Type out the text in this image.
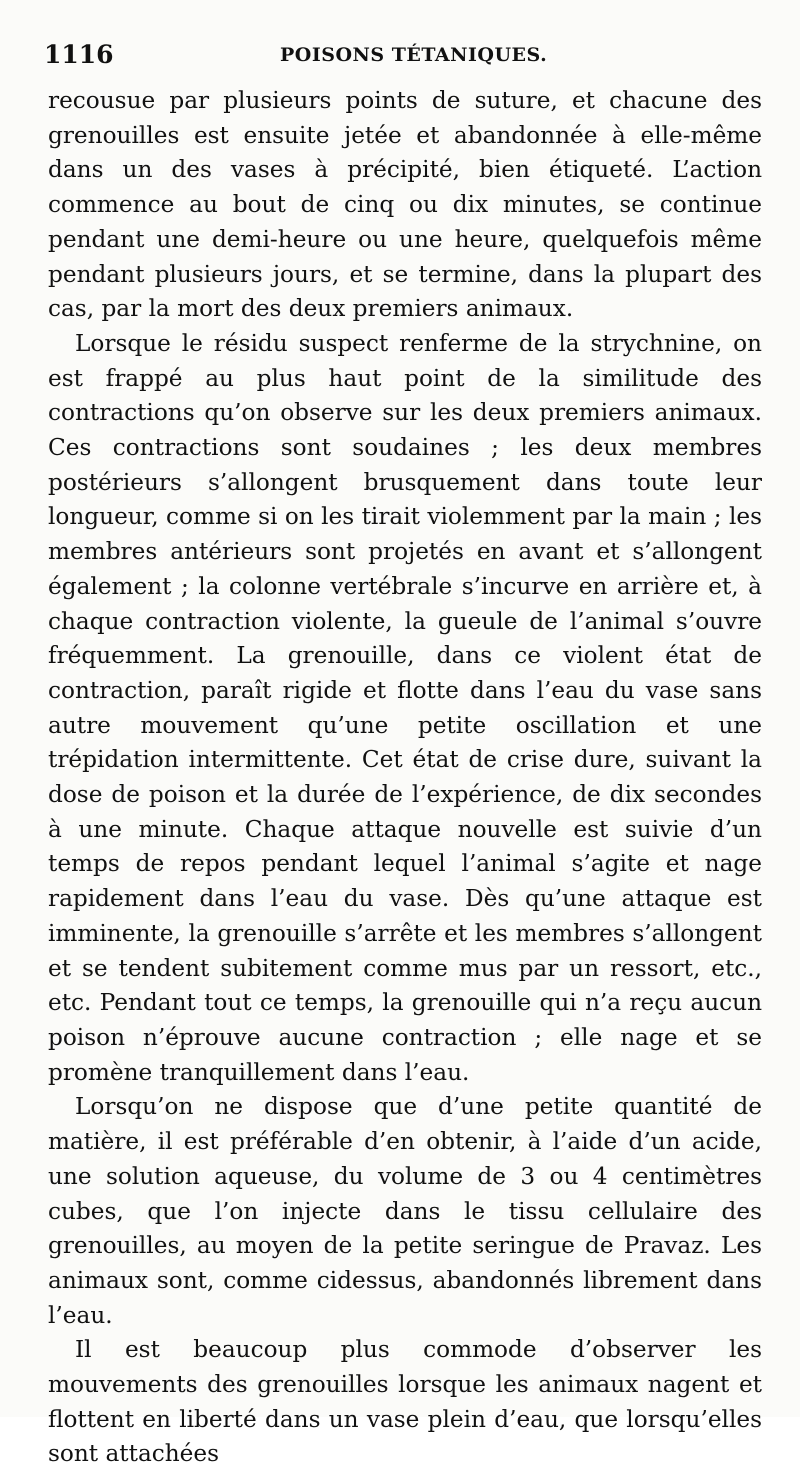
1116	POISONS TÉTANIQUES.

recousue par plusieurs points de suture, et chacune des grenouilles est ensuite jetée et abandonnée à elle-même dans un des vases à précipité, bien étiqueté. L’action commence au bout de cinq ou dix minutes, se continue pendant une demi-heure ou une heure, quelquefois même pendant plusieurs jours, et se termine, dans la plupart des cas, par la mort des deux premiers animaux.

Lorsque le résidu suspect renferme de la strychnine, on est frappé au plus haut point de la similitude des contractions qu’on observe sur les deux premiers animaux. Ces contractions sont soudaines ; les deux membres postérieurs s’allongent brusquement dans toute leur longueur, comme si on les tirait violemment par la main ; les membres antérieurs sont projetés en avant et s’allongent également ; la colonne vertébrale s’incurve en arrière et, à chaque contraction violente, la gueule de l’animal s’ouvre fréquemment. La grenouille, dans ce violent état de contraction, paraît rigide et flotte dans l’eau du vase sans autre mouvement qu’une petite oscillation et une trépidation intermittente. Cet état de crise dure, suivant la dose de poison et la durée de l’expérience, de dix secondes à une minute. Chaque attaque nouvelle est suivie d’un temps de repos pendant lequel l’animal s’agite et nage rapidement dans l’eau du vase. Dès qu’une attaque est imminente, la grenouille s’arrête et les membres s’allongent et se tendent subitement comme mus par un ressort, etc., etc. Pendant tout ce temps, la grenouille qui n’a reçu aucun poison n’éprouve aucune contraction ; elle nage et se promène tranquillement dans l’eau.

Lorsqu’on ne dispose que d’une petite quantité de matière, il est préférable d’en obtenir, à l’aide d’un acide, une solution aqueuse, du volume de 3 ou 4 centimètres cubes, que l’on injecte dans le tissu cellulaire des grenouilles, au moyen de la petite seringue de Pravaz. Les animaux sont, comme cidessus, abandonnés librement dans l’eau.

Il est beaucoup plus commode d’observer les mouvements des grenouilles lorsque les animaux nagent et flottent en liberté dans un vase plein d’eau, que lorsqu’elles sont attachées
